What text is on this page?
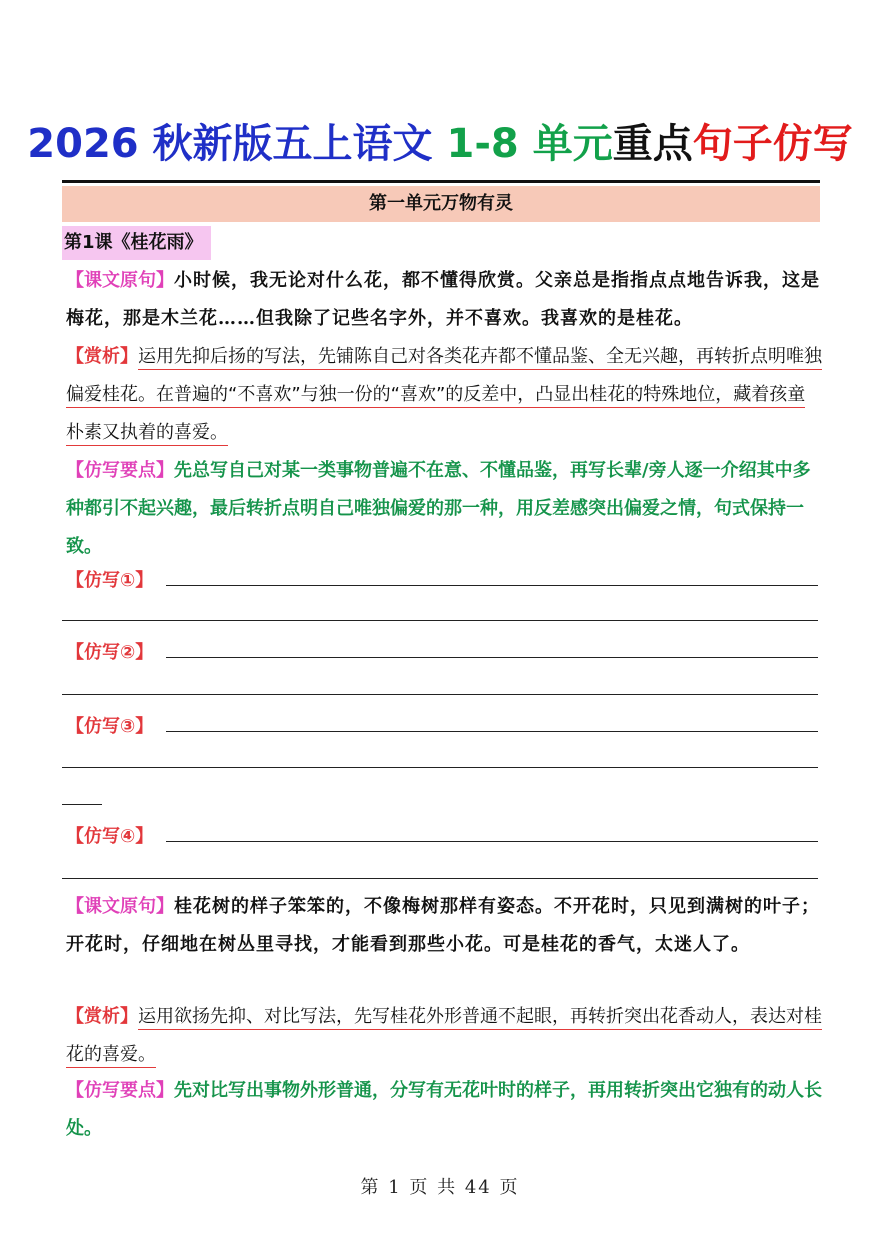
2026 秋新版五上语文 1-8 单元重点句子仿写
第一单元万物有灵
第1课《桂花雨》
【课文原句】小时候，我无论对什么花，都不懂得欣赏。父亲总是指指点点地告诉我，这是梅花，那是木兰花……但我除了记些名字外，并不喜欢。我喜欢的是桂花。
【赏析】运用先抑后扬的写法，先铺陈自己对各类花卉都不懂品鉴、全无兴趣，再转折点明唯独偏爱桂花。在普遍的“不喜欢”与独一份的“喜欢”的反差中，凸显出桂花的特殊地位，藏着孩童朴素又执着的喜爱。
【仿写要点】先总写自己对某一类事物普遍不在意、不懂品鉴，再写长辈/旁人逐一介绍其中多种都引不起兴趣，最后转折点明自己唯独偏爱的那一种，用反差感突出偏爱之情，句式保持一致。
【仿写①】
【仿写②】
【仿写③】
【仿写④】
【课文原句】桂花树的样子笨笨的，不像梅树那样有姿态。不开花时，只见到满树的叶子；开花时，仔细地在树丛里寻找，才能看到那些小花。可是桂花的香气，太迷人了。
【赏析】运用欲扬先抑、对比写法，先写桂花外形普通不起眼，再转折突出花香动人，表达对桂花的喜爱。
【仿写要点】先对比写出事物外形普通，分写有无花叶时的样子，再用转折突出它独有的动人长处。
第 1 页 共 44 页
